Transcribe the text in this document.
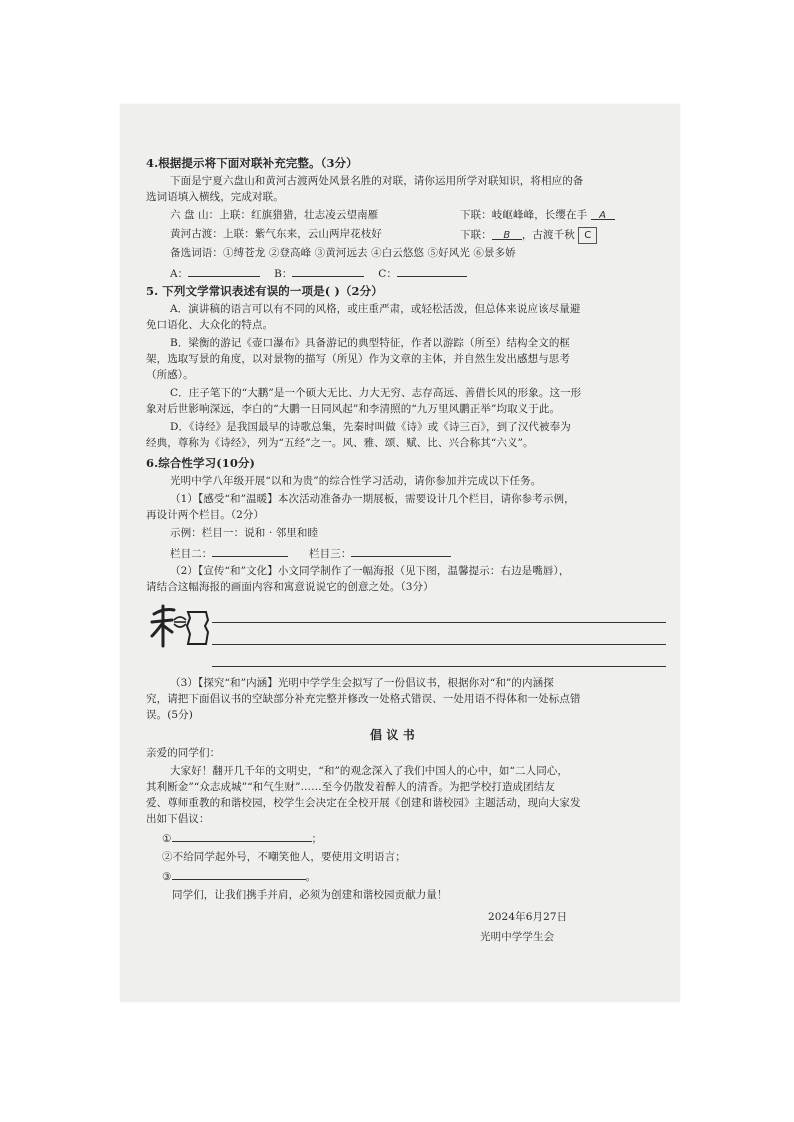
4.根据提示将下面对联补充完整。（3分）
下面是宁夏六盘山和黄河古渡两处风景名胜的对联，请你运用所学对联知识，将相应的备
选词语填入横线，完成对联。
六 盘 山：上联：红旗猎猎，壮志凌云望南雁	下联：岐岖峰峰，长缨在手 A
黄河古渡：上联：紫气东来，云山两岸花枝好	下联： B ，古渡千秋 C
备选词语：①缚苍龙 ②登高峰 ③黄河远去 ④白云悠悠 ⑤好风光 ⑥景多娇
A：	B：	C：
5. 下列文学常识表述有误的一项是( )（2分）
A．演讲稿的语言可以有不同的风格，或庄重严肃，或轻松活泼，但总体来说应该尽量避
免口语化、大众化的特点。
B．梁衡的游记《壶口瀑布》具备游记的典型特征，作者以游踪（所至）结构全文的框
架，选取写景的角度，以对景物的描写（所见）作为文章的主体，并自然生发出感想与思考
（所感）。
C．庄子笔下的“大鹏”是一个硕大无比、力大无穷、志存高远、善借长风的形象。这一形
象对后世影响深远，李白的“大鹏一日同风起”和李清照的“九万里风鹏正举”均取义于此。
D．《诗经》是我国最早的诗歌总集，先秦时叫做《诗》或《诗三百》，到了汉代被奉为
经典，尊称为《诗经》，列为“五经”之一。风、雅、颂、赋、比、兴合称其“六义”。
6.综合性学习(10分)
光明中学八年级开展“以和为贵”的综合性学习活动，请你参加并完成以下任务。
（1）【感受“和”温暖】本次活动准备办一期展板，需要设计几个栏目，请你参考示例，
再设计两个栏目。（2分）
示例：栏目一：说和 · 邻里和睦
栏目二：	栏目三：
（2）【宣传“和”文化】小文同学制作了一幅海报（见下图，温馨提示：右边是嘴唇），
请结合这幅海报的画面内容和寓意说说它的创意之处。（3分）
（3）【探究“和”内涵】光明中学学生会拟写了一份倡议书，根据你对“和”的内涵探
究，请把下面倡议书的空缺部分补充完整并修改一处格式错误、一处用语不得体和一处标点错
误。(5分)
倡 议 书
亲爱的同学们：
大家好！翻开几千年的文明史，“和”的观念深入了我们中国人的心中，如“二人同心，
其利断金”“众志成城”“和气生财”……至今仍散发着醉人的清香。为把学校打造成团结友
爱、尊师重教的和谐校园，校学生会决定在全校开展《创建和谐校园》主题活动，现向大家发
出如下倡议：
①	；
②不给同学起外号，不嘲笑他人，要使用文明语言；
③	。
同学们，让我们携手并肩，必须为创建和谐校园贡献力量！
2024年6月27日
光明中学学生会
